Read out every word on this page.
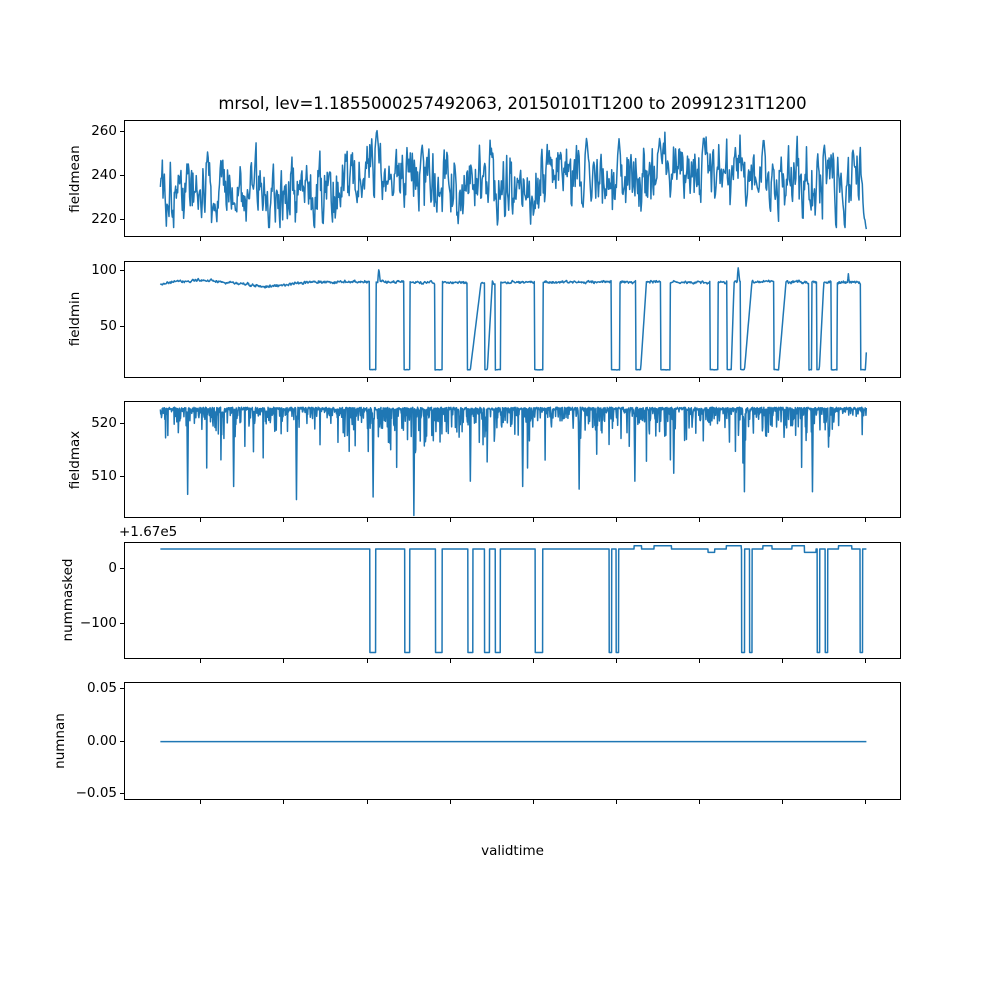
mrsol, lev=1.1855000257492063, 20150101T1200 to 20991231T1200
validtime
260
240
220
fieldmean
100
50
fieldmin
520
510
fieldmax
0
−100
nummasked
+1.67e5
0.05
0.00
−0.05
numnan
